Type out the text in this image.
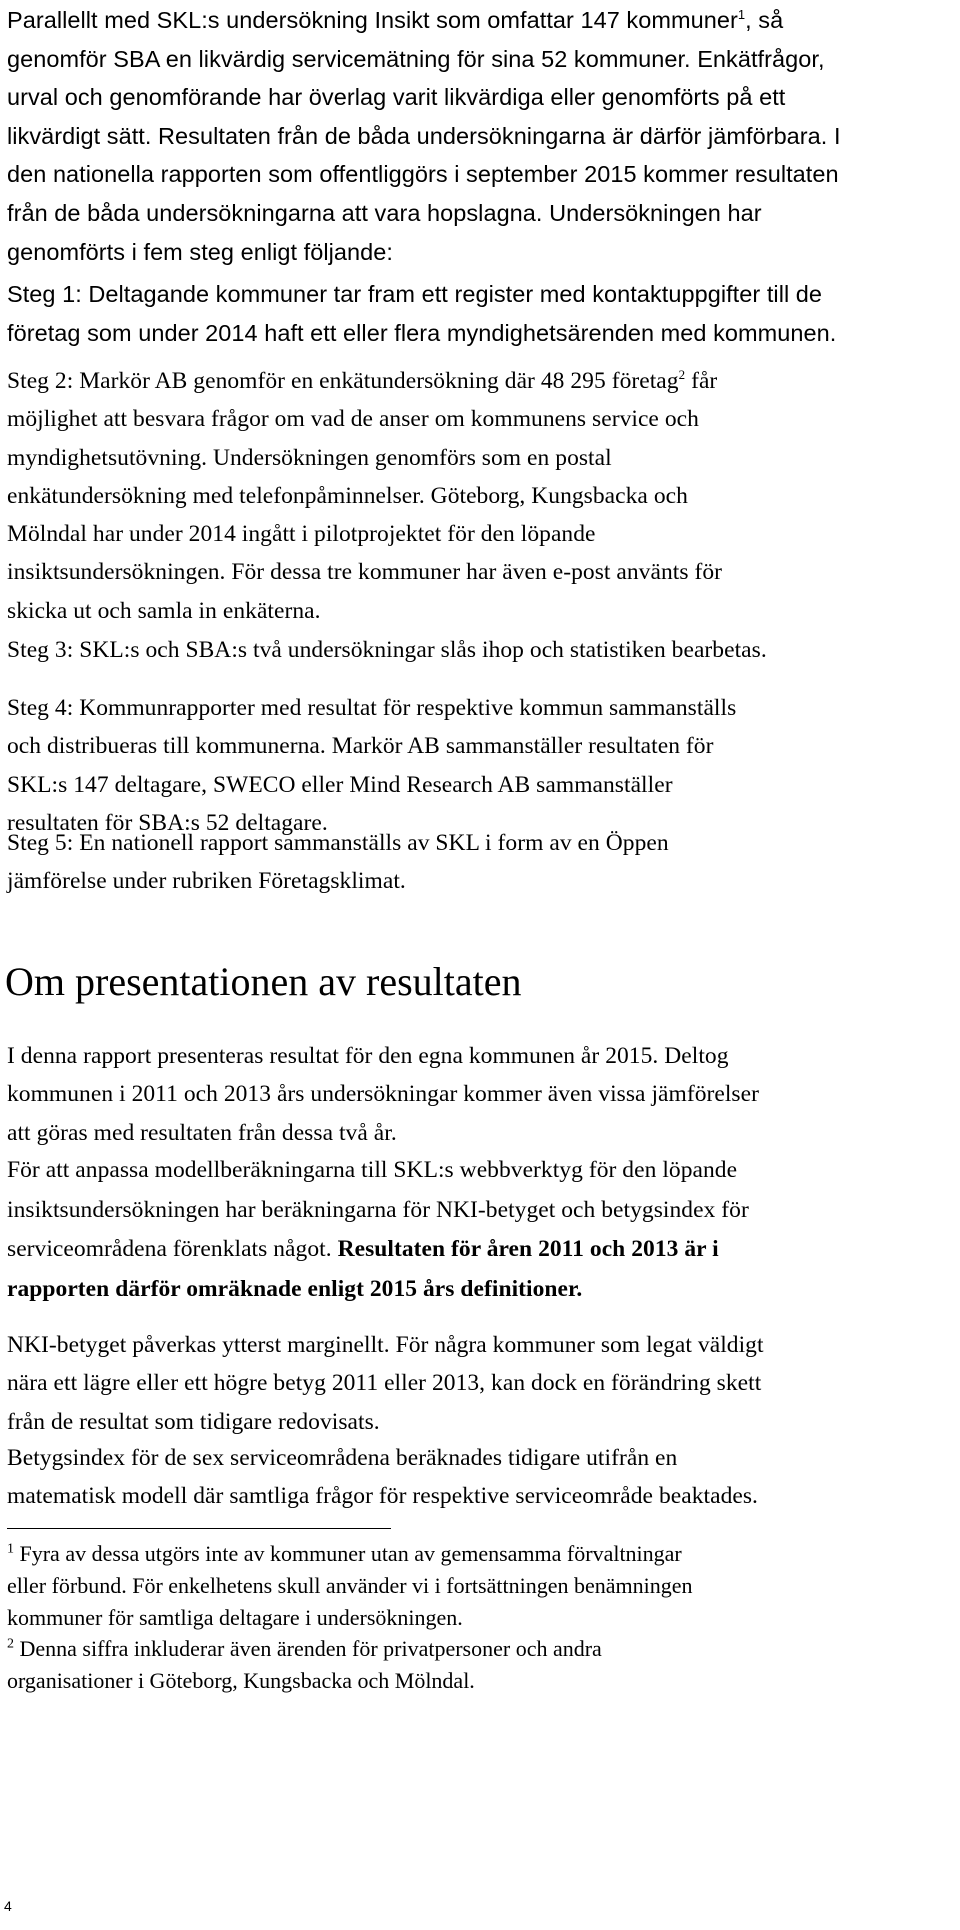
Parallellt med SKL:s undersökning Insikt som omfattar 147 kommuner$^1$, så
genomför SBA en likvärdig servicemätning för sina 52 kommuner. Enkätfrågor,
urval och genomförande har överlag varit likvärdiga eller genomförts på ett
likvärdigt sätt. Resultaten från de båda undersökningarna är därför jämförbara. I
den nationella rapporten som offentliggörs i september 2015 kommer resultaten
från de båda undersökningarna att vara hopslagna. Undersökningen har
genomförts i fem steg enligt följande:

Steg 1: Deltagande kommuner tar fram ett register med kontaktuppgifter till de
företag som under 2014 haft ett eller flera myndighetsärenden med kommunen.

Steg 2: Markör AB genomför en enkätundersökning där 48 295 företag$^2$ får
möjlighet att besvara frågor om vad de anser om kommunens service och
myndighetsutövning. Undersökningen genomförs som en postal
enkätundersökning med telefonpåminnelser. Göteborg, Kungsbacka och
Mölndal har under 2014 ingått i pilotprojektet för den löpande
insiktsundersökningen. För dessa tre kommuner har även e-post använts för
skicka ut och samla in enkäterna.

Steg 3: SKL:s och SBA:s två undersökningar slås ihop och statistiken bearbetas.

Steg 4: Kommunrapporter med resultat för respektive kommun sammanställs
och distribueras till kommunerna. Markör AB sammanställer resultaten för
SKL:s 147 deltagare, SWECO eller Mind Research AB sammanställer
resultaten för SBA:s 52 deltagare.

Steg 5: En nationell rapport sammanställs av SKL i form av en Öppen
jämförelse under rubriken Företagsklimat.

Om presentationen av resultaten

I denna rapport presenteras resultat för den egna kommunen år 2015. Deltog
kommunen i 2011 och 2013 års undersökningar kommer även vissa jämförelser
att göras med resultaten från dessa två år.

För att anpassa modellberäkningarna till SKL:s webbverktyg för den löpande
insiktsundersökningen har beräkningarna för NKI-betyget och betygsindex för
serviceområdena förenklats något. Resultaten för åren 2011 och 2013 är i
rapporten därför omräknade enligt 2015 års definitioner.

NKI-betyget påverkas ytterst marginellt. För några kommuner som legat väldigt
nära ett lägre eller ett högre betyg 2011 eller 2013, kan dock en förändring skett
från de resultat som tidigare redovisats.

Betygsindex för de sex serviceområdena beräknades tidigare utifrån en
matematisk modell där samtliga frågor för respektive serviceområde beaktades.

$^1$ Fyra av dessa utgörs inte av kommuner utan av gemensamma förvaltningar
eller förbund. För enkelhetens skull använder vi i fortsättningen benämningen
kommuner för samtliga deltagare i undersökningen.

$^2$ Denna siffra inkluderar även ärenden för privatpersoner och andra
organisationer i Göteborg, Kungsbacka och Mölndal.

4
